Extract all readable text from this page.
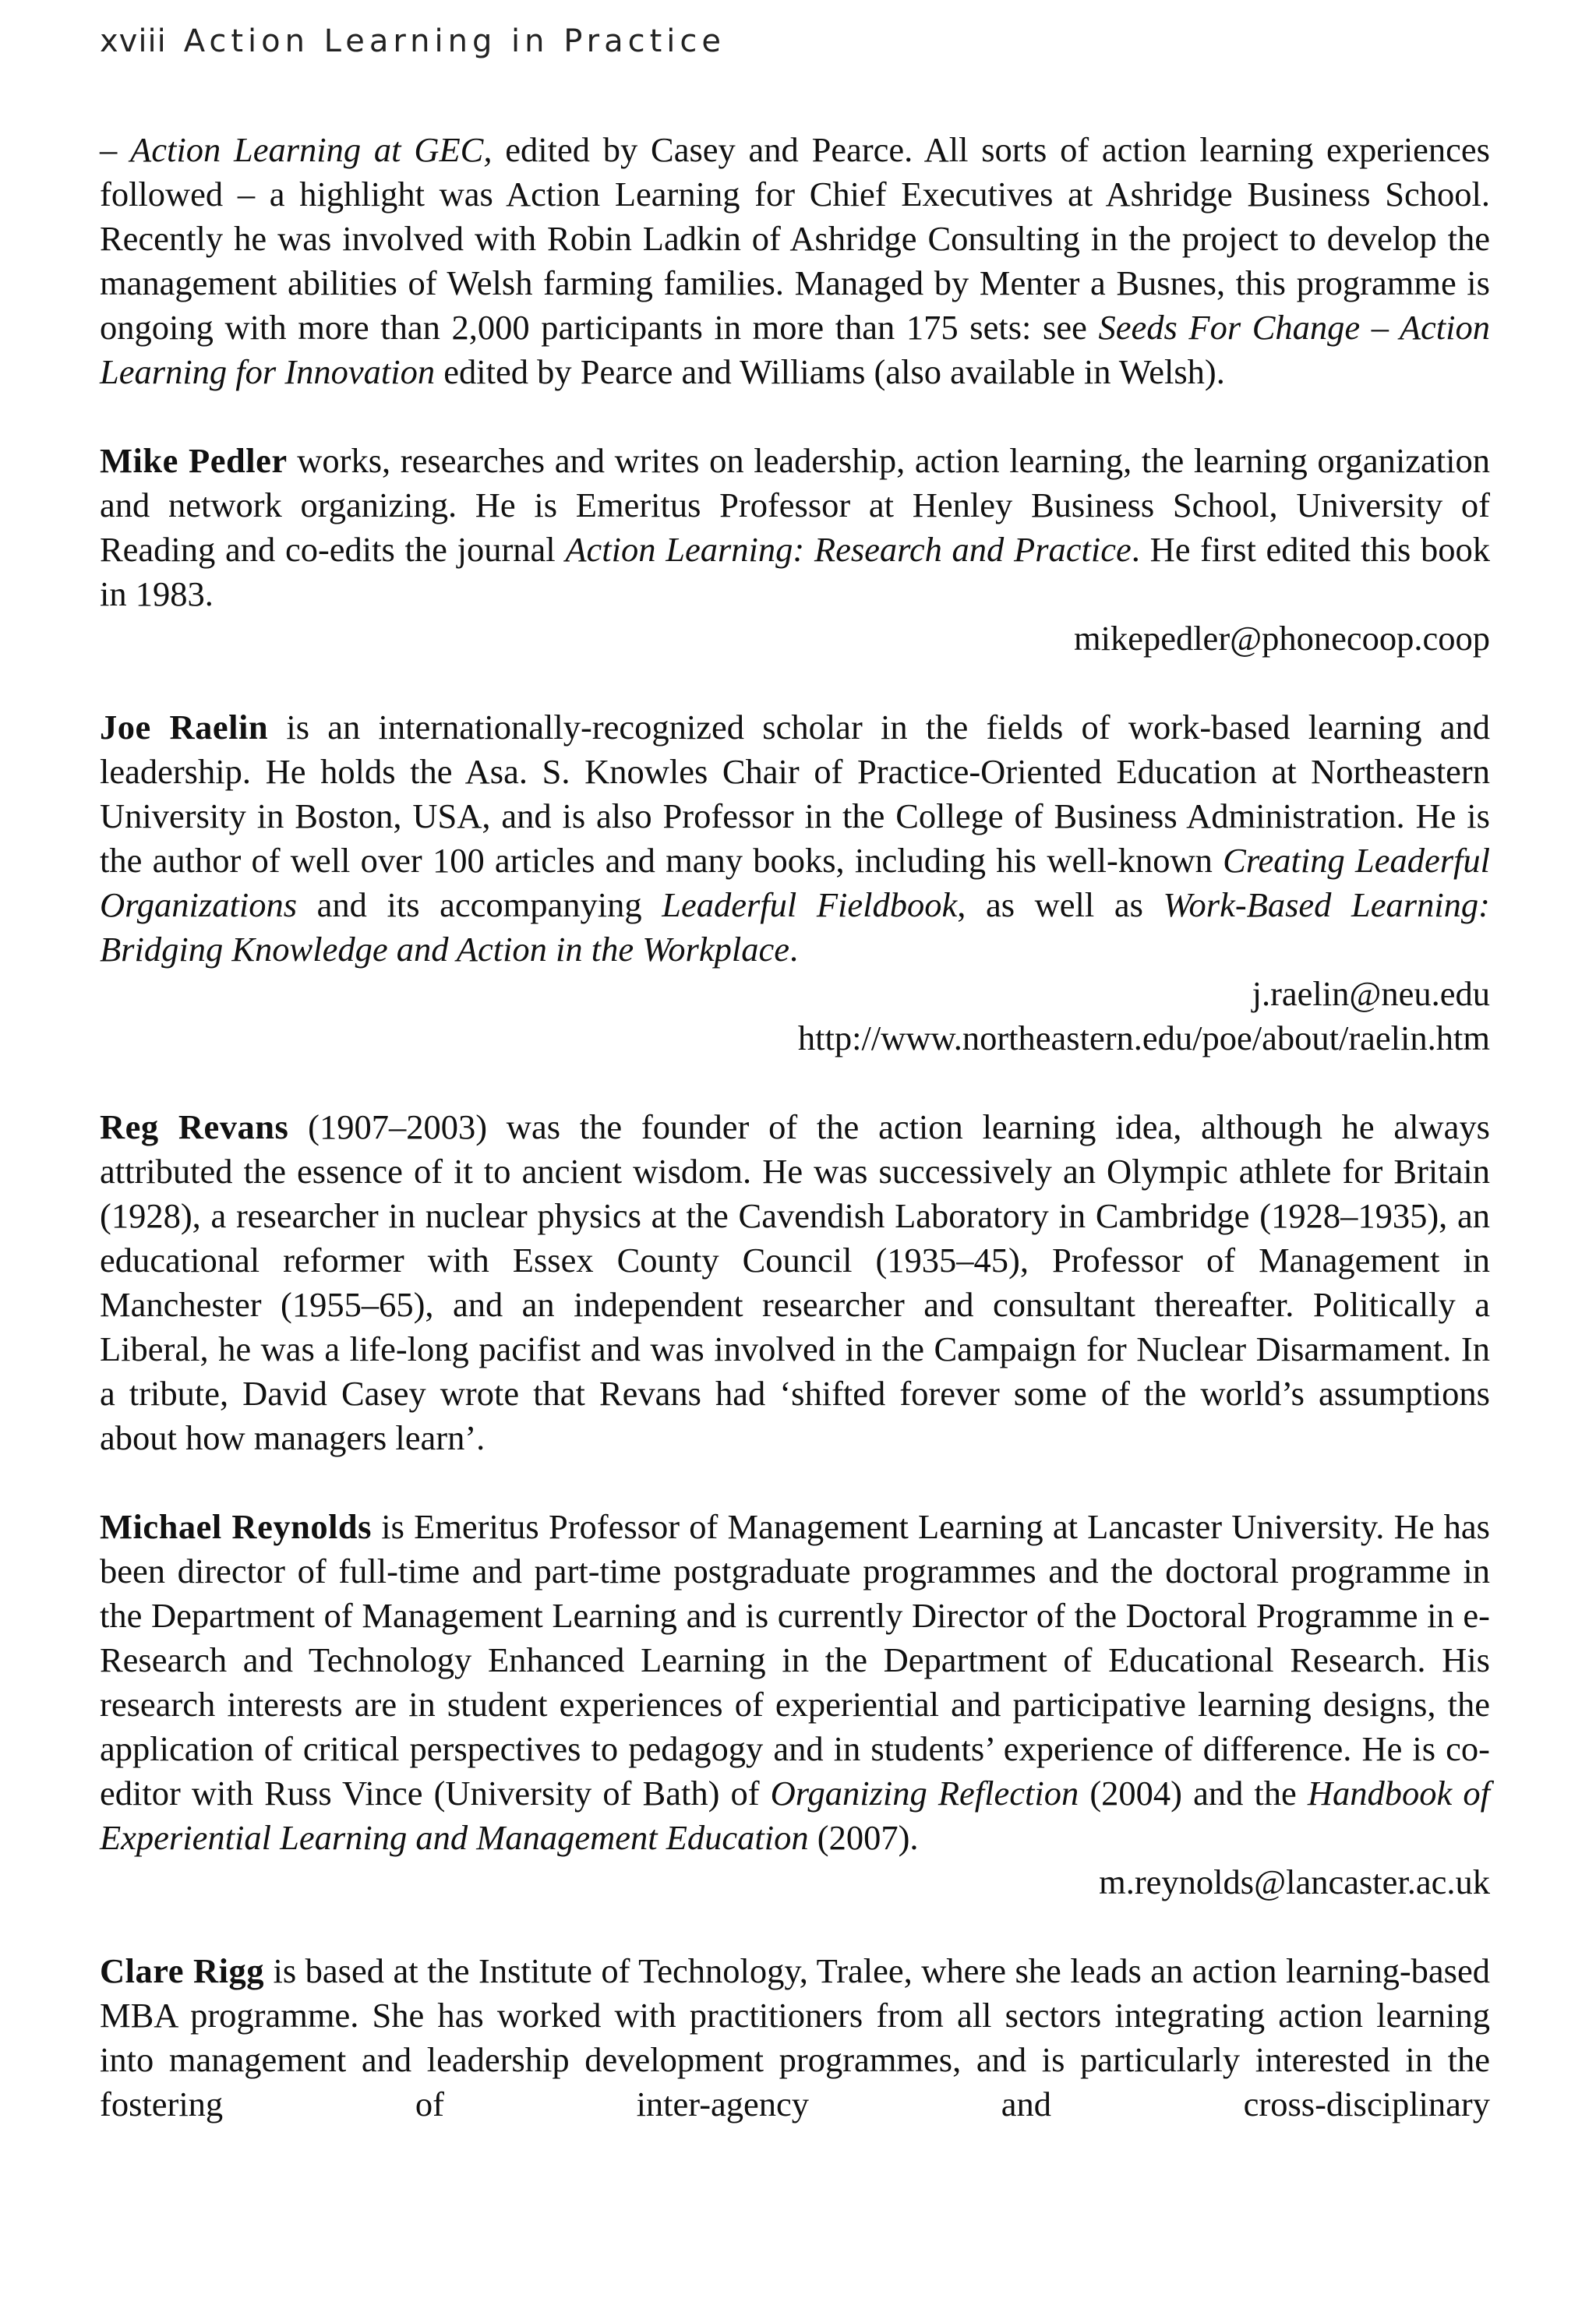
xviii Action Learning in Practice

– Action Learning at GEC, edited by Casey and Pearce. All sorts of action learning experiences followed – a highlight was Action Learning for Chief Executives at Ashridge Business School. Recently he was involved with Robin Ladkin of Ashridge Consulting in the project to develop the management abilities of Welsh farming families. Managed by Menter a Busnes, this programme is ongoing with more than 2,000 participants in more than 175 sets: see Seeds For Change – Action Learning for Innovation edited by Pearce and Williams (also available in Welsh).

Mike Pedler works, researches and writes on leadership, action learning, the learning organization and network organizing. He is Emeritus Professor at Henley Business School, University of Reading and co-edits the journal Action Learning: Research and Practice. He first edited this book in 1983.

mikepedler@phonecoop.coop

Joe Raelin is an internationally-recognized scholar in the fields of work-based learning and leadership. He holds the Asa. S. Knowles Chair of Practice-Oriented Education at Northeastern University in Boston, USA, and is also Professor in the College of Business Administration. He is the author of well over 100 articles and many books, including his well-known Creating Leaderful Organizations and its accompanying Leaderful Fieldbook, as well as Work-Based Learning: Bridging Knowledge and Action in the Workplace.

j.raelin@neu.edu

http://www.northeastern.edu/poe/about/raelin.htm

Reg Revans (1907–2003) was the founder of the action learning idea, although he always attributed the essence of it to ancient wisdom. He was successively an Olympic athlete for Britain (1928), a researcher in nuclear physics at the Cavendish Laboratory in Cambridge (1928–1935), an educational reformer with Essex County Council (1935–45), Professor of Management in Manchester (1955–65), and an independent researcher and consultant thereafter. Politically a Liberal, he was a life-long pacifist and was involved in the Campaign for Nuclear Disarmament. In a tribute, David Casey wrote that Revans had ‘shifted forever some of the world’s assumptions about how managers learn’.

Michael Reynolds is Emeritus Professor of Management Learning at Lancaster University. He has been director of full-time and part-time postgraduate programmes and the doctoral programme in the Department of Management Learning and is currently Director of the Doctoral Programme in e-Research and Technology Enhanced Learning in the Department of Educational Research. His research interests are in student experiences of experiential and participative learning designs, the application of critical perspectives to pedagogy and in students’ experience of difference. He is co-editor with Russ Vince (University of Bath) of Organizing Reflection (2004) and the Handbook of Experiential Learning and Management Education (2007).

m.reynolds@lancaster.ac.uk

Clare Rigg is based at the Institute of Technology, Tralee, where she leads an action learning-based MBA programme. She has worked with practitioners from all sectors integrating action learning into management and leadership development programmes, and is particularly interested in the fostering of inter-agency and cross-disciplinary
